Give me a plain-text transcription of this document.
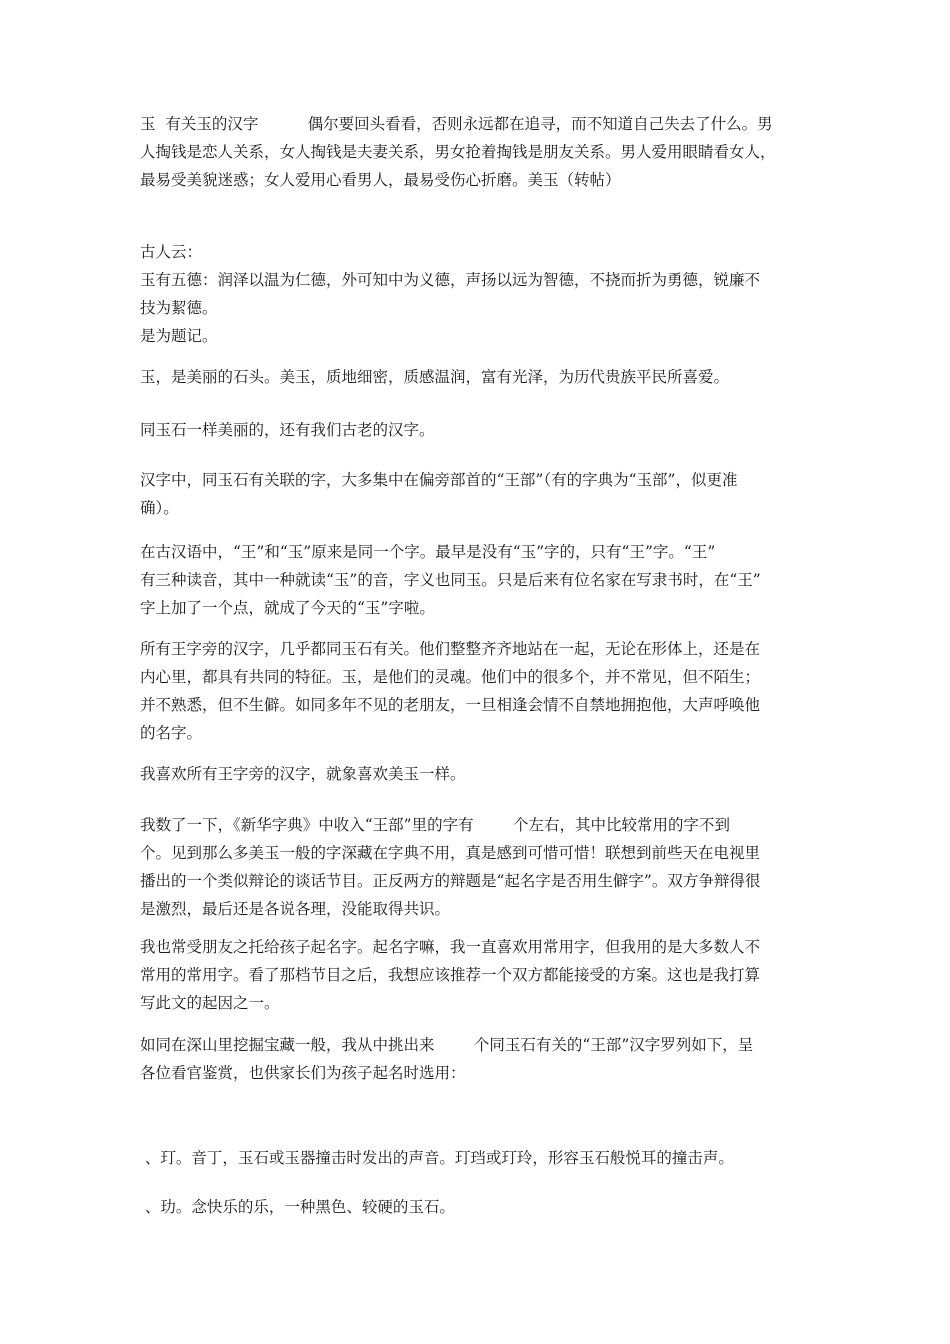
玉  有关玉的汉字          偶尔要回头看看，否则永远都在追寻，而不知道自己失去了什么。男
人掏钱是恋人关系，女人掏钱是夫妻关系，男女抢着掏钱是朋友关系。男人爱用眼睛看女人，
最易受美貌迷惑；女人爱用心看男人，最易受伤心折磨。美玉（转帖）

古人云：
玉有五德：润泽以温为仁德，外可知中为义德，声扬以远为智德，不挠而折为勇德，锐廉不
技为絜德。
是为题记。

玉，是美丽的石头。美玉，质地细密，质感温润，富有光泽，为历代贵族平民所喜爱。

同玉石一样美丽的，还有我们古老的汉字。

汉字中，同玉石有关联的字，大多集中在偏旁部首的“王部”（有的字典为“玉部”，似更准
确）。

在古汉语中，“王”和“玉”原来是同一个字。最早是没有“玉”字的，只有“王”字。“王”
有三种读音，其中一种就读“玉”的音，字义也同玉。只是后来有位名家在写隶书时，在“王”
字上加了一个点，就成了今天的“玉”字啦。

所有王字旁的汉字，几乎都同玉石有关。他们整整齐齐地站在一起，无论在形体上，还是在
内心里，都具有共同的特征。玉，是他们的灵魂。他们中的很多个，并不常见，但不陌生；
并不熟悉，但不生僻。如同多年不见的老朋友，一旦相逢会情不自禁地拥抱他，大声呼唤他
的名字。

我喜欢所有王字旁的汉字，就象喜欢美玉一样。

我数了一下，《新华字典》中收入“王部”里的字有        个左右，其中比较常用的字不到
个。见到那么多美玉一般的字深藏在字典不用，真是感到可惜可惜！联想到前些天在电视里
播出的一个类似辩论的谈话节目。正反两方的辩题是“起名字是否用生僻字”。双方争辩得很
是激烈，最后还是各说各理，没能取得共识。

我也常受朋友之托给孩子起名字。起名字嘛，我一直喜欢用常用字，但我用的是大多数人不
常用的常用字。看了那档节目之后，我想应该推荐一个双方都能接受的方案。这也是我打算
写此文的起因之一。

如同在深山里挖掘宝藏一般，我从中挑出来        个同玉石有关的“王部”汉字罗列如下，呈
各位看官鉴赏，也供家长们为孩子起名时选用：

、玎。音丁，玉石或玉器撞击时发出的声音。玎珰或玎玲，形容玉石般悦耳的撞击声。

、玏。念快乐的乐，一种黑色、较硬的玉石。
